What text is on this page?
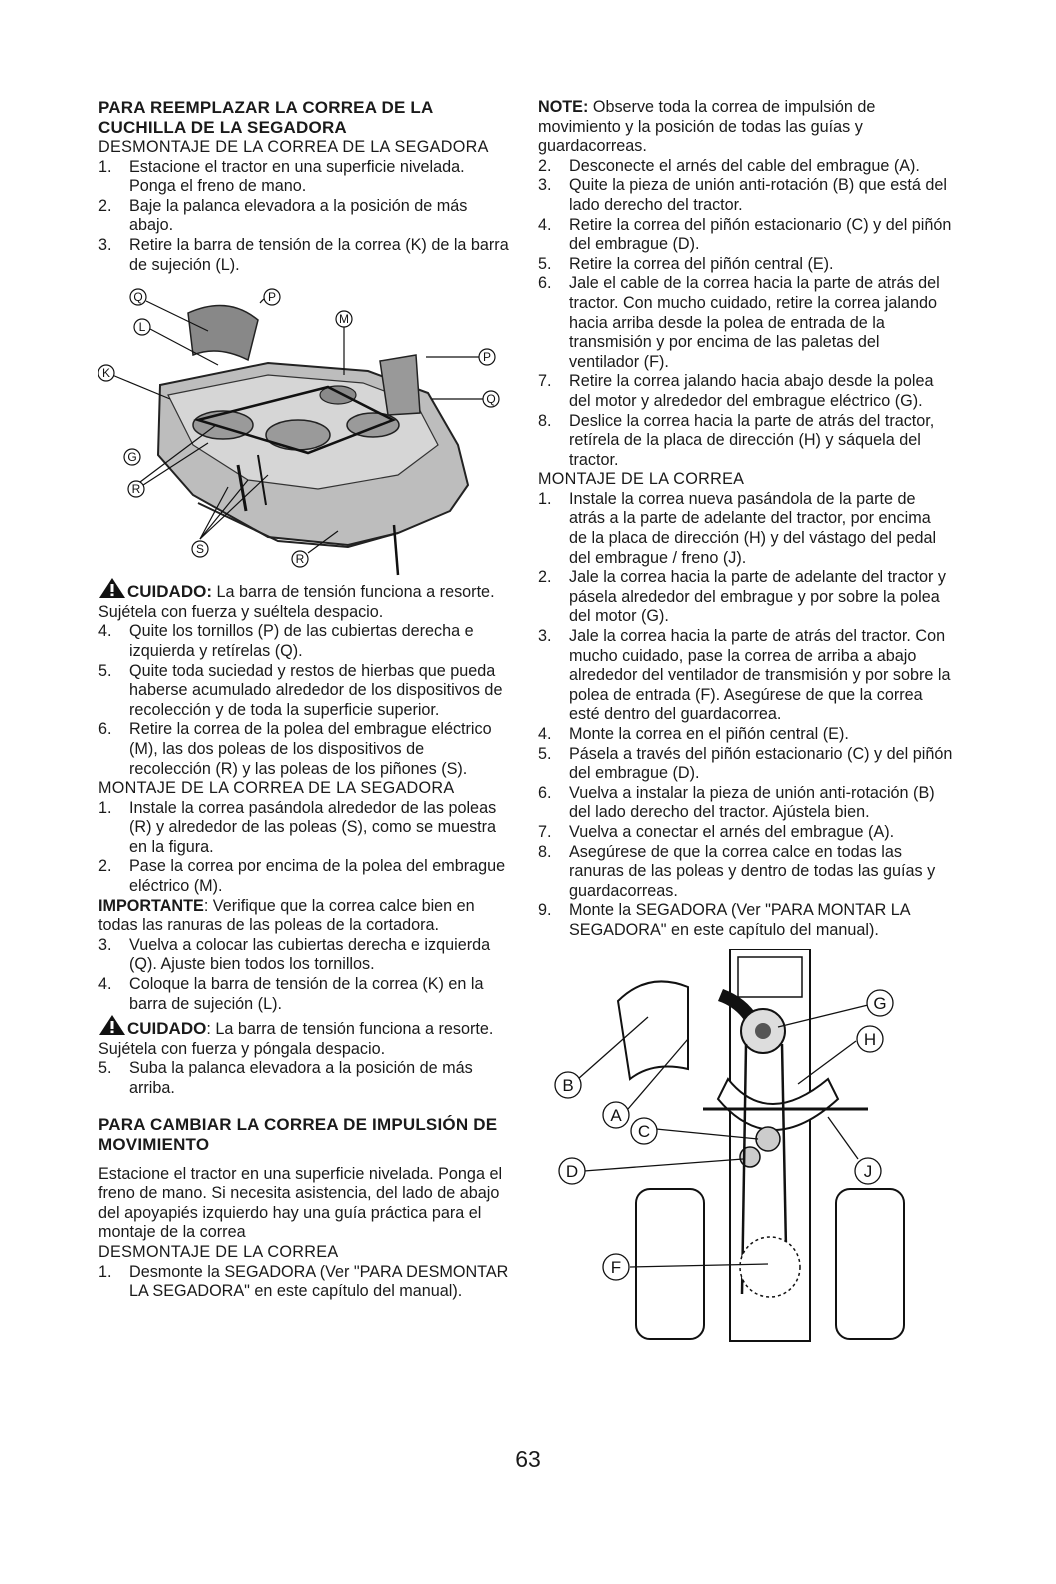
PARA REEMPLAZAR LA CORREA DE LA CUCHILLA DE LA SEGADORA

DESMONTAJE DE LA CORREA DE LA SEGADORA

1. Estacione el tractor en una superficie nivelada. Ponga el freno de mano.
2. Baje la palanca elevadora a la posición de más abajo.
3. Retire la barra de tensión de la correa (K) de la barra de sujeción (L).
Q	P
L
M
K
P
Q
G
R
S
R

CUIDADO: La barra de tensión funciona a resorte. Sujétela con fuerza y suéltela despacio.

4. Quite los tornillos (P) de las cubiertas derecha e izquierda y retírelas (Q).
5. Quite toda suciedad y restos de hierbas que pueda haberse acumulado alrededor de los dispositivos de recolección y de toda la superficie superior.
6. Retire la correa de la polea del embrague eléctrico (M), las dos poleas de los dispositivos de recolección (R) y las poleas de los piñones (S).

MONTAJE DE LA CORREA DE LA SEGADORA

1. Instale la correa pasándola alrededor de las poleas (R) y alrededor de las poleas (S), como se muestra en la figura.
2. Pase la correa por encima de la polea del embrague eléctrico (M).

IMPORTANTE: Verifique que la correa calce bien en todas las ranuras de las poleas de la cortadora.

3. Vuelva a colocar las cubiertas derecha e izquierda (Q). Ajuste bien todos los tornillos.
4. Coloque la barra de tensión de la correa (K) en la barra de sujeción (L).

CUIDADO: La barra de tensión funciona a resorte. Sujétela con fuerza y póngala despacio.

5. Suba la palanca elevadora a la posición de más arriba.
PARA CAMBIAR LA CORREA DE IMPULSIÓN DE MOVIMIENTO

Estacione el tractor en una superficie nivelada. Ponga el freno de mano. Si necesita asistencia, del lado de abajo del apoyapiés izquierdo hay una guía práctica para el montaje de la correa

DESMONTAJE DE LA CORREA

1. Desmonte la SEGADORA (Ver "PARA DESMONTAR LA SEGADORA" en este capítulo del manual).

NOTE: Observe toda la correa de impulsión de movimiento y la posición de todas las guías y guardacorreas.

2. Desconecte el arnés del cable del embrague (A).
3. Quite la pieza de unión anti-rotación (B) que está del lado derecho del tractor.
4. Retire la correa del piñón estacionario (C) y del piñón del embrague (D).
5. Retire la correa del piñón central (E).
6. Jale el cable de la correa hacia la parte de atrás del tractor. Con mucho cuidado, retire la correa jalando hacia arriba desde la polea de entrada de la transmisión y por encima de las paletas del ventilador (F).
7. Retire la correa jalando hacia abajo desde la polea del motor y alrededor del embrague eléctrico (G).
8. Deslice la correa hacia la parte de atrás del tractor, retírela de la placa de dirección (H) y sáquela del tractor.

MONTAJE DE LA CORREA

1. Instale la correa nueva pasándola de la parte de atrás a la parte de adelante del tractor, por encima de la placa de dirección (H) y del vástago del pedal del embrague / freno (J).
2. Jale la correa hacia la parte de adelante del tractor y pásela alrededor del embrague y por sobre la polea del motor (G).
3. Jale la correa hacia la parte de atrás del tractor. Con mucho cuidado, pase la correa de arriba a abajo alrededor del ventilador de transmisión y por sobre la polea de entrada (F). Asegúrese de que la correa esté dentro del guardacorrea.
4. Monte la correa en el piñón central (E).
5. Pásela a través del piñón estacionario (C) y del piñón del embrague (D).
6. Vuelva a instalar la pieza de unión anti-rotación (B) del lado derecho del tractor. Ajústela bien.
7. Vuelva a conectar el arnés del embrague (A).
8. Asegúrese de que la correa calce en todas las ranuras de las poleas y dentro de todas las guías y guardacorreas.
9. Monte la SEGADORA (Ver "PARA MONTAR LA SEGADORA" en este capítulo del manual).
G
H
B
A
C
J
D
F
63
